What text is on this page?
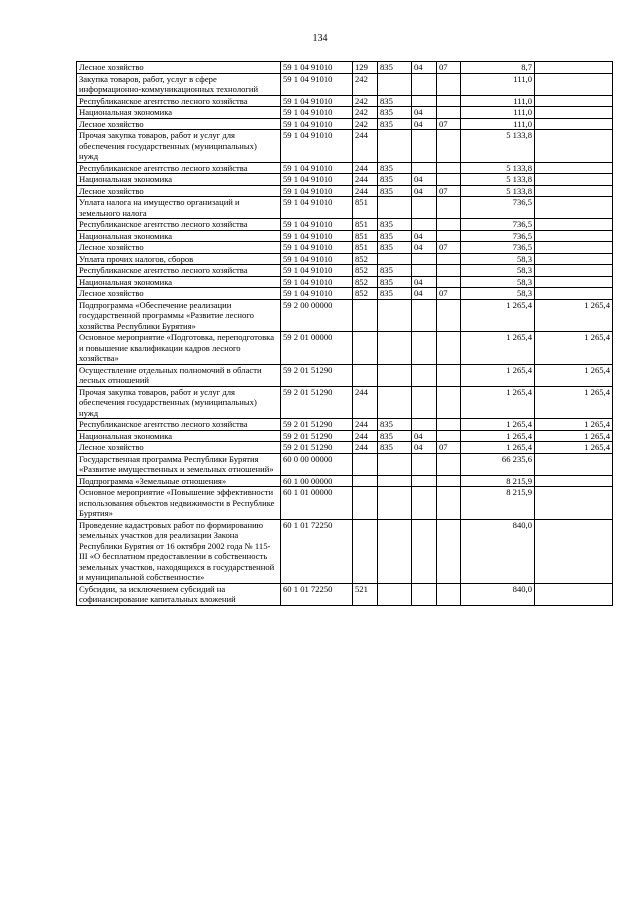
134
Лесное хозяйство	59 1 04 91010	129	835	04	07	8,7	
Закупка товаров, работ, услуг в сфере информационно-коммуникационных технологий	59 1 04 91010	242				111,0	
Республиканское агентство лесного хозяйства	59 1 04 91010	242	835			111,0	
Национальная экономика	59 1 04 91010	242	835	04		111,0	
Лесное хозяйство	59 1 04 91010	242	835	04	07	111,0	
Прочая закупка товаров, работ и услуг для обеспечения государственных (муниципальных) нужд	59 1 04 91010	244				5 133,8	
Республиканское агентство лесного хозяйства	59 1 04 91010	244	835			5 133,8	
Национальная экономика	59 1 04 91010	244	835	04		5 133,8	
Лесное хозяйство	59 1 04 91010	244	835	04	07	5 133,8	
Уплата налога на имущество организаций и земельного налога	59 1 04 91010	851				736,5	
Республиканское агентство лесного хозяйства	59 1 04 91010	851	835			736,5	
Национальная экономика	59 1 04 91010	851	835	04		736,5	
Лесное хозяйство	59 1 04 91010	851	835	04	07	736,5	
Уплата прочих налогов, сборов	59 1 04 91010	852				58,3	
Республиканское агентство лесного хозяйства	59 1 04 91010	852	835			58,3	
Национальная экономика	59 1 04 91010	852	835	04		58,3	
Лесное хозяйство	59 1 04 91010	852	835	04	07	58,3	
Подпрограмма «Обеспечение реализации государственной программы «Развитие лесного хозяйства Республики Бурятия»	59 2 00 00000					1 265,4	1 265,4
Основное мероприятие «Подготовка, переподготовка и повышение квалификации кадров лесного хозяйства»	59 2 01 00000					1 265,4	1 265,4
Осуществление отдельных полномочий в области лесных отношений	59 2 01 51290					1 265,4	1 265,4
Прочая закупка товаров, работ и услуг для обеспечения государственных (муниципальных) нужд	59 2 01 51290	244				1 265,4	1 265,4
Республиканское агентство лесного хозяйства	59 2 01 51290	244	835			1 265,4	1 265,4
Национальная экономика	59 2 01 51290	244	835	04		1 265,4	1 265,4
Лесное хозяйство	59 2 01 51290	244	835	04	07	1 265,4	1 265,4
Государственная программа Республики Бурятия «Развитие имущественных и земельных отношений»	60 0 00 00000					66 235,6	
Подпрограмма «Земельные отношения»	60 1 00 00000					8 215,9	
Основное мероприятие «Повышение эффективности использования объектов недвижимости в Республике Бурятия»	60 1 01 00000					8 215,9	
Проведение кадастровых работ по формированию земельных участков для реализации Закона Республики Бурятия от 16 октября 2002 года № 115-III «О бесплатном предоставлении в собственность земельных участков, находящихся в государственной и муниципальной собственности»	60 1 01 72250					840,0	
Субсидии, за исключением субсидий на софинансирование капитальных вложений	60 1 01 72250	521				840,0	
